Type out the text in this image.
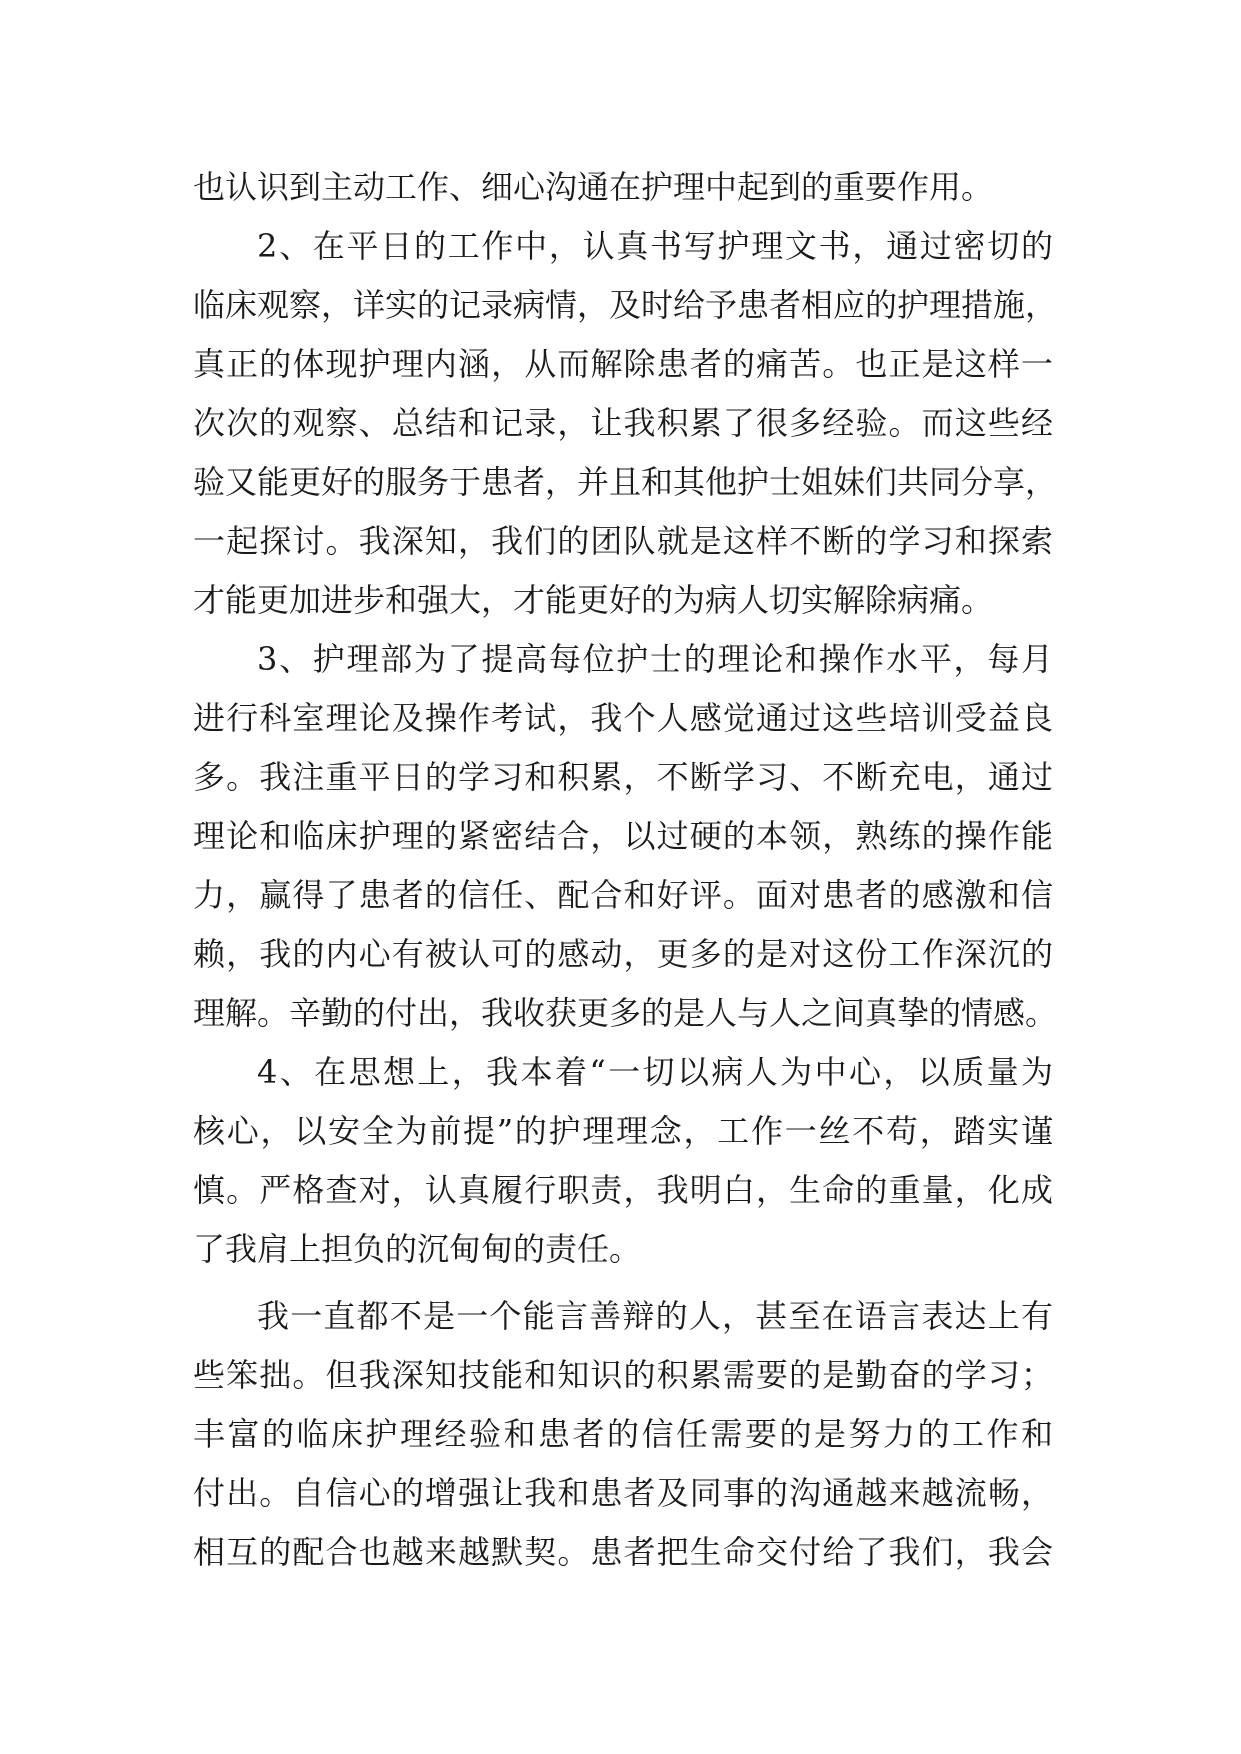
也认识到主动工作、细心沟通在护理中起到的重要作用。
2、在平日的工作中，认真书写护理文书，通过密切的
临床观察，详实的记录病情，及时给予患者相应的护理措施，
真正的体现护理内涵，从而解除患者的痛苦。也正是这样一
次次的观察、总结和记录，让我积累了很多经验。而这些经
验又能更好的服务于患者，并且和其他护士姐妹们共同分享，
一起探讨。我深知，我们的团队就是这样不断的学习和探索
才能更加进步和强大，才能更好的为病人切实解除病痛。
3、护理部为了提高每位护士的理论和操作水平，每月
进行科室理论及操作考试，我个人感觉通过这些培训受益良
多。我注重平日的学习和积累，不断学习、不断充电，通过
理论和临床护理的紧密结合，以过硬的本领，熟练的操作能
力，赢得了患者的信任、配合和好评。面对患者的感激和信
赖，我的内心有被认可的感动，更多的是对这份工作深沉的
理解。辛勤的付出，我收获更多的是人与人之间真挚的情感。
4、在思想上，我本着“一切以病人为中心，以质量为
核心，以安全为前提”的护理理念，工作一丝不苟，踏实谨
慎。严格查对，认真履行职责，我明白，生命的重量，化成
了我肩上担负的沉甸甸的责任。
我一直都不是一个能言善辩的人，甚至在语言表达上有
些笨拙。但我深知技能和知识的积累需要的是勤奋的学习；
丰富的临床护理经验和患者的信任需要的是努力的工作和
付出。自信心的增强让我和患者及同事的沟通越来越流畅，
相互的配合也越来越默契。患者把生命交付给了我们，我会
